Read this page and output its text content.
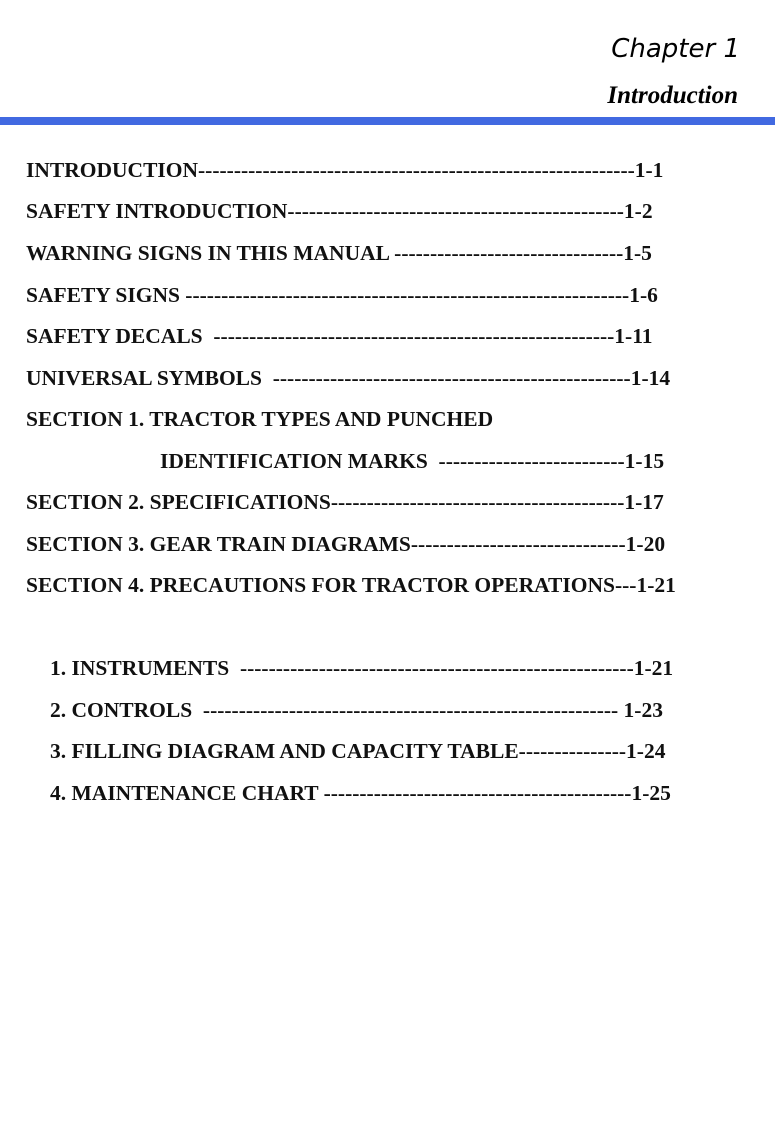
Chapter 1
Introduction
INTRODUCTION-------------------------------------------------------------1-1
SAFETY INTRODUCTION-----------------------------------------------1-2
WARNING SIGNS IN THIS MANUAL --------------------------------1-5
SAFETY SIGNS --------------------------------------------------------------1-6
SAFETY DECALS  --------------------------------------------------------1-11
UNIVERSAL SYMBOLS  --------------------------------------------------1-14
SECTION 1. TRACTOR TYPES AND PUNCHED
IDENTIFICATION MARKS  --------------------------1-15
SECTION 2. SPECIFICATIONS-----------------------------------------1-17
SECTION 3. GEAR TRAIN DIAGRAMS------------------------------1-20
SECTION 4. PRECAUTIONS FOR TRACTOR OPERATIONS---1-21
1. INSTRUMENTS  -------------------------------------------------------1-21
2. CONTROLS  ---------------------------------------------------------- 1-23
3. FILLING DIAGRAM AND CAPACITY TABLE---------------1-24
4. MAINTENANCE CHART -------------------------------------------1-25
